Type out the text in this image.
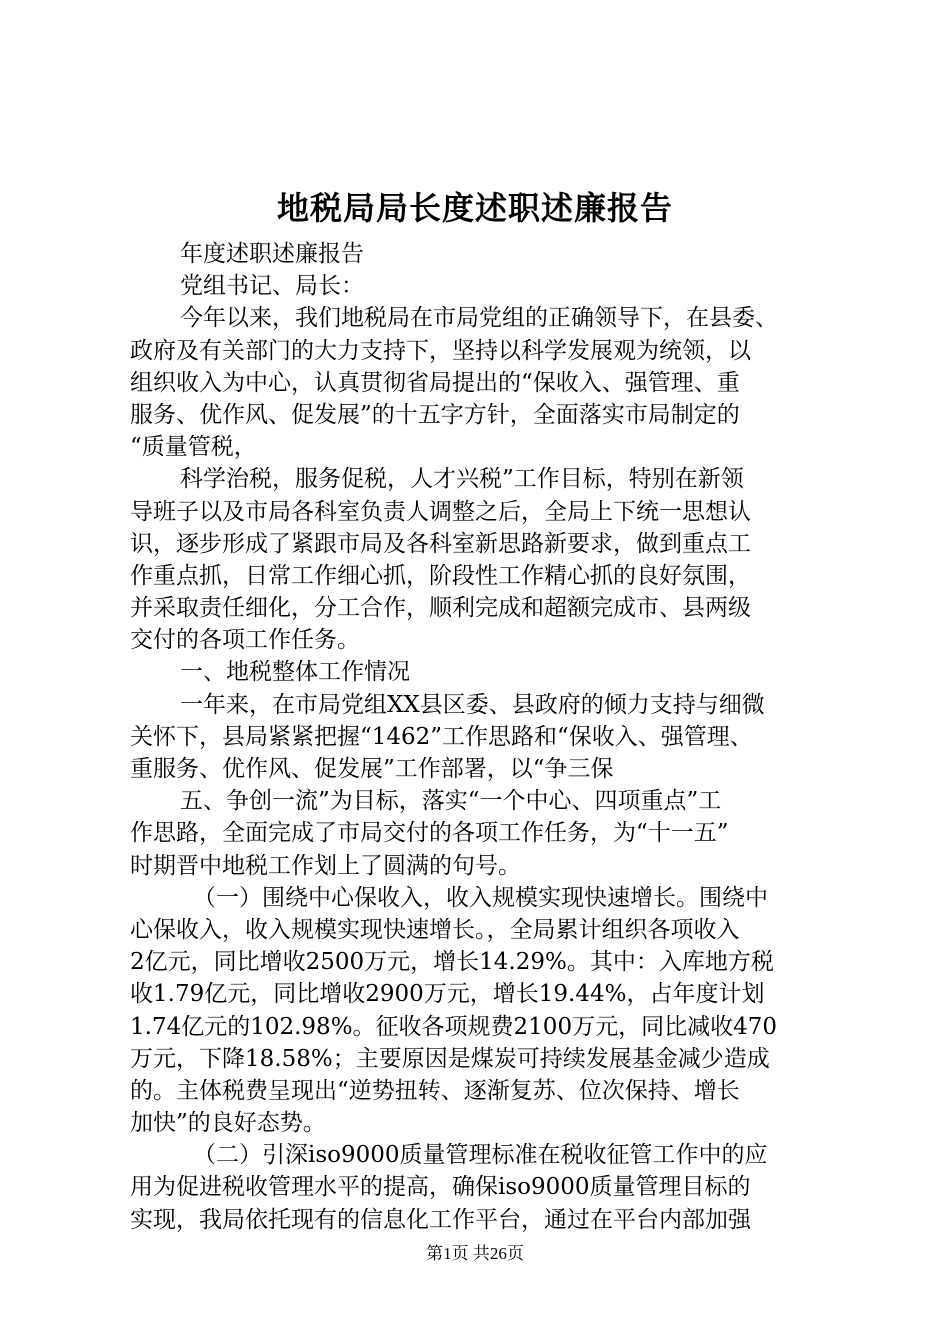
地税局局长度述职述廉报告
年度述职述廉报告
党组书记、局长：
今年以来，我们地税局在市局党组的正确领导下，在县委、
政府及有关部门的大力支持下，坚持以科学发展观为统领，以
组织收入为中心，认真贯彻省局提出的“保收入、强管理、重
服务、优作风、促发展”的十五字方针，全面落实市局制定的
“质量管税，
科学治税，服务促税，人才兴税”工作目标，特别在新领
导班子以及市局各科室负责人调整之后，全局上下统一思想认
识，逐步形成了紧跟市局及各科室新思路新要求，做到重点工
作重点抓，日常工作细心抓，阶段性工作精心抓的良好氛围，
并采取责任细化，分工合作，顺利完成和超额完成市、县两级
交付的各项工作任务。
一、地税整体工作情况
一年来，在市局党组XX县区委、县政府的倾力支持与细微
关怀下，县局紧紧把握“1462”工作思路和“保收入、强管理、
重服务、优作风、促发展”工作部署，以“争三保
五、争创一流”为目标，落实“一个中心、四项重点”工
作思路，全面完成了市局交付的各项工作任务，为“十一五”
时期晋中地税工作划上了圆满的句号。
（一）围绕中心保收入，收入规模实现快速增长。围绕中
心保收入，收入规模实现快速增长。，全局累计组织各项收入
2亿元，同比增收2500万元，增长14.29%。其中：入库地方税
收1.79亿元，同比增收2900万元，增长19.44%，占年度计划
1.74亿元的102.98%。征收各项规费2100万元，同比减收470
万元，下降18.58%；主要原因是煤炭可持续发展基金减少造成
的。主体税费呈现出“逆势扭转、逐渐复苏、位次保持、增长
加快”的良好态势。
（二）引深iso9000质量管理标准在税收征管工作中的应
用为促进税收管理水平的提高，确保iso9000质量管理目标的
实现，我局依托现有的信息化工作平台，通过在平台内部加强
第1页 共26页
